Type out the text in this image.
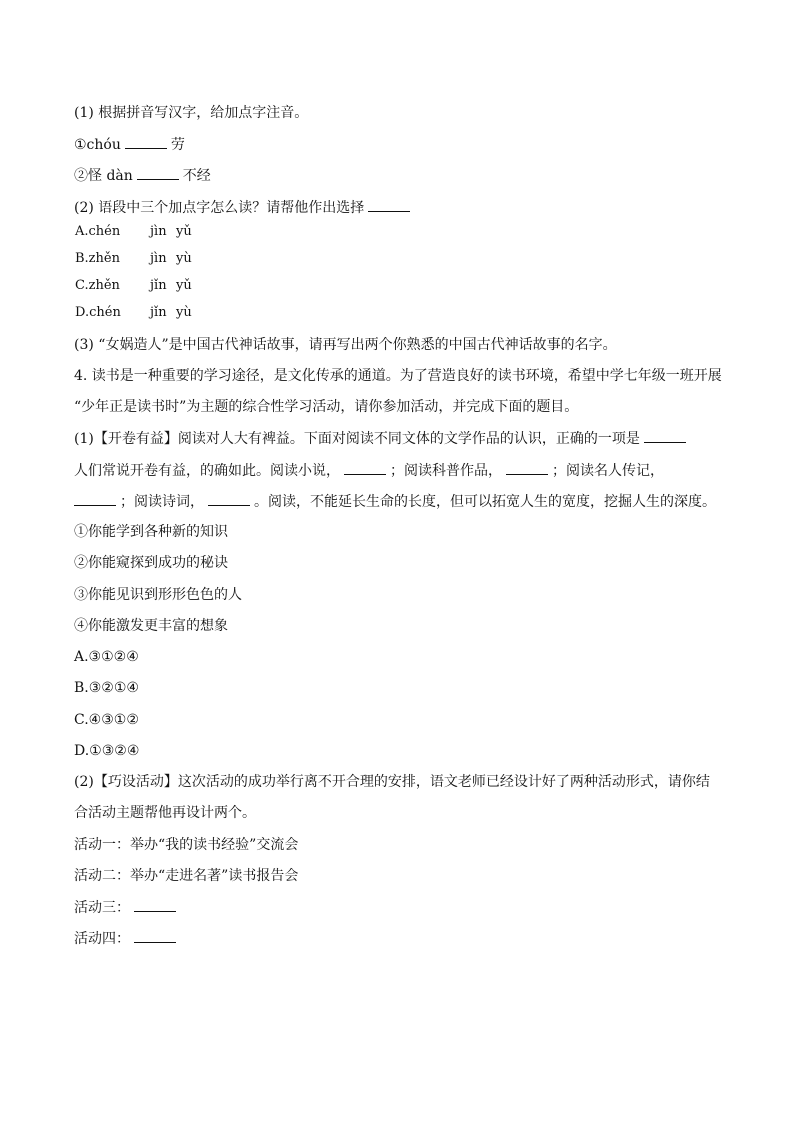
(1) 根据拼音写汉字，给加点字注音。
①chóu	劳
②怪 dàn	不经
(2) 语段中三个加点字怎么读？请帮他作出选择
A.chén jìn yǔ
B.zhěn jìn yù
C.zhěn jǐn yǔ
D.chén jǐn yù
(3) “女娲造人”是中国古代神话故事，请再写出两个你熟悉的中国古代神话故事的名字。
4. 读书是一种重要的学习途径，是文化传承的通道。为了营造良好的读书环境，希望中学七年级一班开展
“少年正是读书时”为主题的综合性学习活动，请你参加活动，并完成下面的题目。
(1)【开卷有益】阅读对人大有裨益。下面对阅读不同文体的文学作品的认识，正确的一项是
人们常说开卷有益，的确如此。阅读小说，	；阅读科普作品，	；阅读名人传记，
；阅读诗词，	。阅读，不能延长生命的长度，但可以拓宽人生的宽度，挖掘人生的深度。
①你能学到各种新的知识
②你能窥探到成功的秘诀
③你能见识到形形色色的人
④你能激发更丰富的想象
A.③①②④
B.③②①④
C.④③①②
D.①③②④
(2)【巧设活动】这次活动的成功举行离不开合理的安排，语文老师已经设计好了两种活动形式，请你结
合活动主题帮他再设计两个。
活动一：举办“我的读书经验”交流会
活动二：举办“走进名著”读书报告会
活动三：
活动四：
